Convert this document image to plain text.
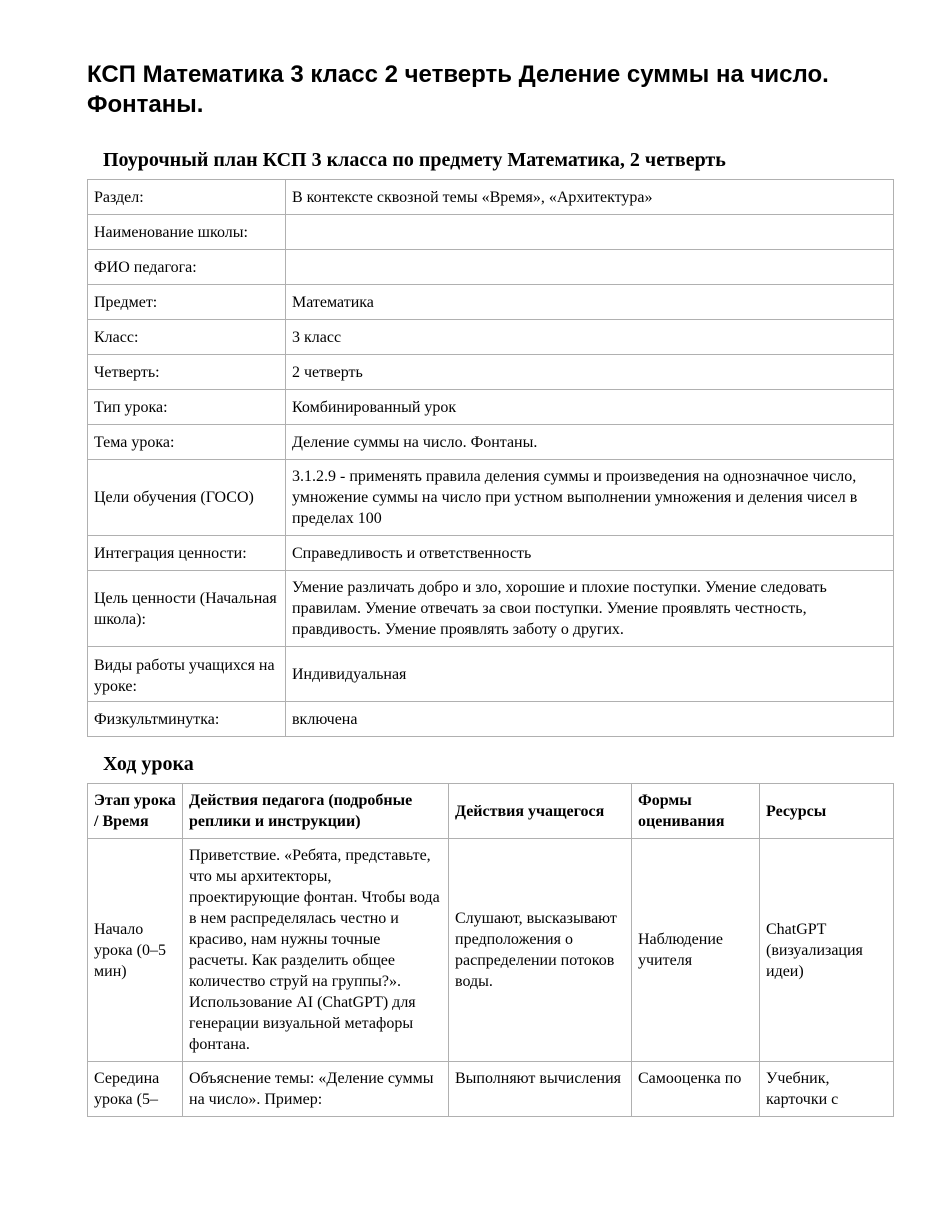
КСП Математика 3 класс 2 четверть Деление суммы на число. Фонтаны.
Поурочный план КСП 3 класса по предмету Математика, 2 четверть
Раздел:	В контексте сквозной темы «Время», «Архитектура»
Наименование школы:	
ФИО педагога:	
Предмет:	Математика
Класс:	3 класс
Четверть:	2 четверть
Тип урока:	Комбинированный урок
Тема урока:	Деление суммы на число. Фонтаны.
Цели обучения (ГОСО)	3.1.2.9 - применять правила деления суммы и произведения на однозначное число, умножение суммы на число при устном выполнении умножения и деления чисел в пределах 100
Интеграция ценности:	Справедливость и ответственность
Цель ценности (Начальная школа):	Умение различать добро и зло, хорошие и плохие поступки. Умение следовать правилам. Умение отвечать за свои поступки. Умение проявлять честность, правдивость. Умение проявлять заботу о других.
Виды работы учащихся на уроке:	Индивидуальная
Физкультминутка:	включена
Ход урока
Этап урока / Время	Действия педагога (подробные реплики и инструкции)	Действия учащегося	Формы оценивания	Ресурсы
Начало урока (0–5 мин)	Приветствие. «Ребята, представьте, что мы архитекторы, проектирующие фонтан. Чтобы вода в нем распределялась честно и красиво, нам нужны точные расчеты. Как разделить общее количество струй на группы?». Использование AI (ChatGPT) для генерации визуальной метафоры фонтана.	Слушают, высказывают предположения о распределении потоков воды.	Наблюдение учителя	ChatGPT (визуализация идеи)
Середина урока (5–	Объяснение темы: «Деление суммы на число». Пример:	Выполняют вычисления	Самооценка по	Учебник, карточки с
